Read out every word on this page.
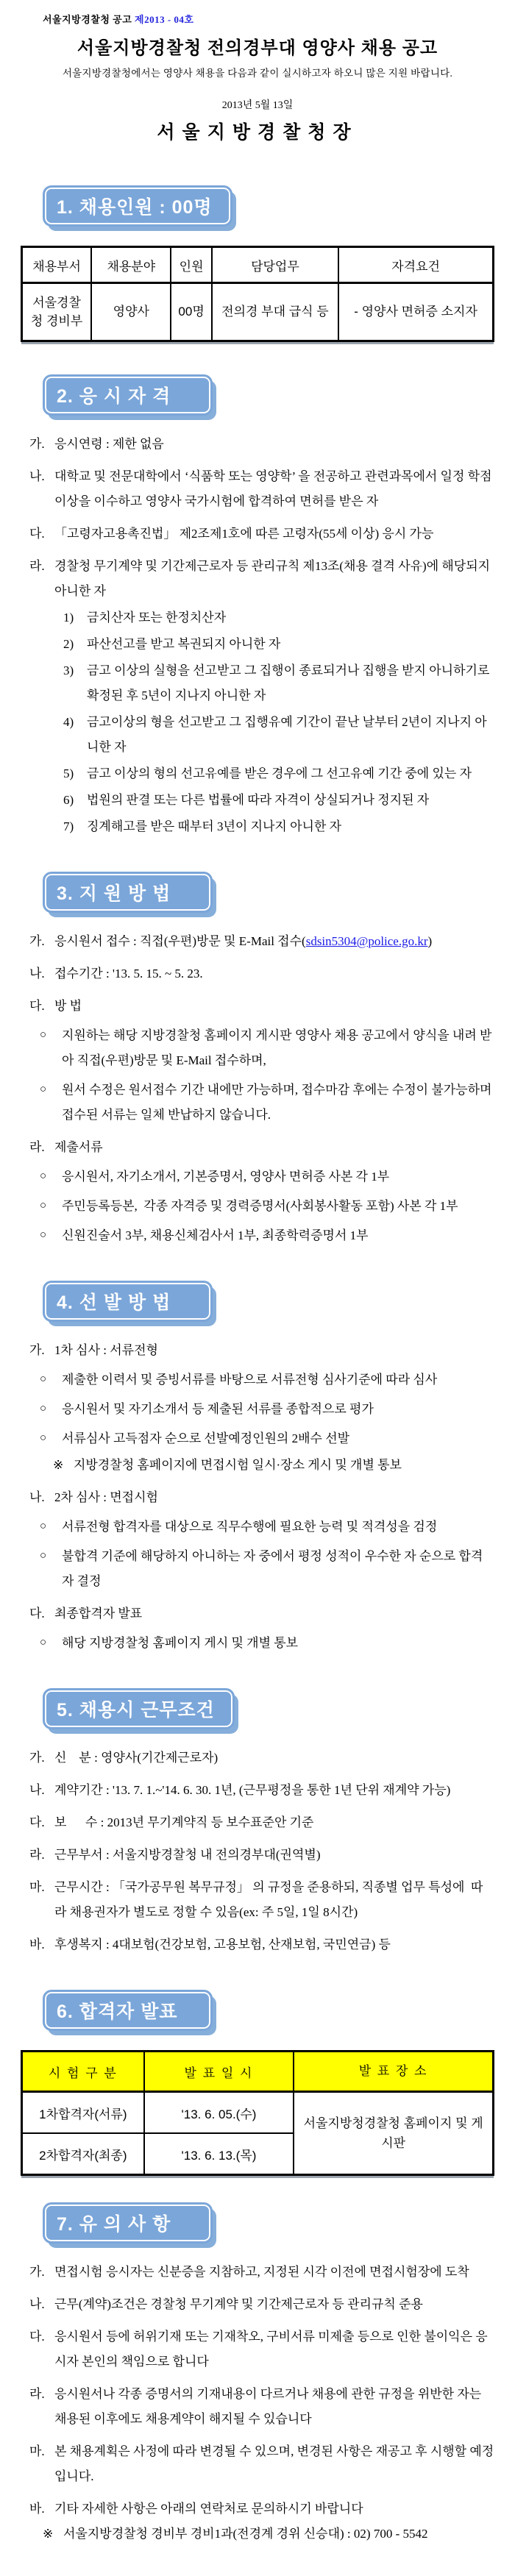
서울지방경찰청 공고 제2013 - 04호
서울지방경찰청 전의경부대 영양사 채용 공고
서울지방경찰청에서는 영양사 채용을 다음과 같이 실시하고자 하오니 많은 지원 바랍니다.
2013년 5월 13일
서울지방경찰청장
1. 채용인원 : 00명
채용부서	채용분야	인원	담당업무	자격요건
서울경찰청 경비부	영양사	00명	전의경 부대 급식 등	- 영양사 면허증 소지자
2. 응 시 자 격
가. 응시연령 : 제한 없음
나. 대학교 및 전문대학에서 ‘식품학 또는 영양학’ 을 전공하고 관련과목에서 일정 학점 이상을 이수하고 영양사 국가시험에 합격하여 면허를 받은 자
다. 「고령자고용촉진법」 제2조제1호에 따른 고령자(55세 이상) 응시 가능
라. 경찰청 무기계약 및 기간제근로자 등 관리규칙 제13조(채용 결격 사유)에 해당되지 아니한 자
1)	금치산자 또는 한정치산자
2)	파산선고를 받고 복권되지 아니한 자
3)	금고 이상의 실형을 선고받고 그 집행이 종료되거나 집행을 받지 아니하기로 확정된 후 5년이 지나지 아니한 자
4)	금고이상의 형을 선고받고 그 집행유예 기간이 끝난 날부터 2년이 지나지 아니한 자
5)	금고 이상의 형의 선고유예를 받은 경우에 그 선고유예 기간 중에 있는 자
6)	법원의 판결 또는 다른 법률에 따라 자격이 상실되거나 정지된 자
7)	징계해고를 받은 때부터 3년이 지나지 아니한 자
3. 지 원 방 법
가. 응시원서 접수 : 직접(우편)방문 및 E-Mail 접수(sdsin5304@police.go.kr)
나. 접수기간 : '13. 5. 15. ~ 5. 23.
다. 방 법
○	지원하는 해당 지방경찰청 홈페이지 게시판 영양사 채용 공고에서 양식을 내려 받아 직접(우편)방문 및 E-Mail 접수하며,
○	원서 수정은 원서접수 기간 내에만 가능하며, 접수마감 후에는 수정이 불가능하며 접수된 서류는 일체 반납하지 않습니다.
라. 제출서류
○	응시원서, 자기소개서, 기본증명서, 영양사 면허증 사본 각 1부
○	주민등록등본,  각종 자격증 및 경력증명서(사회봉사활동 포함) 사본 각 1부
○	신원진술서 3부, 채용신체검사서 1부, 최종학력증명서 1부
4. 선 발 방 법
가. 1차 심사 : 서류전형
○	제출한 이력서 및 증빙서류를 바탕으로 서류전형 심사기준에 따라 심사
○	응시원서 및 자기소개서 등 제출된 서류를 종합적으로 평가
○	서류심사 고득점자 순으로 선발예정인원의 2배수 선발
※ 지방경찰청 홈페이지에 면접시험 일시·장소 게시 및 개별 통보
나. 2차 심사 : 면접시험
○	서류전형 합격자를 대상으로 직무수행에 필요한 능력 및 적격성을 검정
○	불합격 기준에 해당하지 아니하는 자 중에서 평정 성적이 우수한 자 순으로 합격자 결정
다. 최종합격자 발표
○	해당 지방경찰청 홈페이지 게시 및 개별 통보
5. 채용시 근무조건
가. 신    분 : 영양사(기간제근로자)
나. 계약기간 : '13. 7. 1.~'14. 6. 30. 1년, (근무평정을 통한 1년 단위 재계약 가능)
다. 보      수 : 2013년 무기계약직 등 보수표준안 기준
라. 근무부서 : 서울지방경찰청 내 전의경부대(권역별)
마. 근무시간 : 「국가공무원 복무규정」 의 규정을 준용하되, 직종별 업무 특성에  따라 채용권자가 별도로 정할 수 있음(ex: 주 5일, 1일 8시간)
바. 후생복지 : 4대보험(건강보험, 고용보험, 산재보험, 국민연금) 등
6. 합격자 발표
시 험 구 분	발 표 일 시	발 표 장 소
1차합격자(서류)	'13. 6. 05.(수)	서울지방청경찰청 홈페이지 및 게시판
2차합격자(최종)	'13. 6. 13.(목)	
7. 유 의 사 항
가. 면접시험 응시자는 신분증을 지참하고, 지정된 시각 이전에 면접시험장에 도착
나. 근무(계약)조건은 경찰청 무기계약 및 기간제근로자 등 관리규칙 준용
다. 응시원서 등에 허위기재 또는 기재착오, 구비서류 미제출 등으로 인한 불이익은 응시자 본인의 책임으로 합니다
라. 응시원서나 각종 증명서의 기재내용이 다르거나 채용에 관한 규정을 위반한 자는 채용된 이후에도 채용계약이 해지될 수 있습니다
마. 본 채용계획은 사정에 따라 변경될 수 있으며, 변경된 사항은 재공고 후 시행할 예정입니다.
바. 기타 자세한 사항은 아래의 연락처로 문의하시기 바랍니다
※ 서울지방경찰청 경비부 경비1과(전경계 경위 신승대) : 02) 700 - 5542
